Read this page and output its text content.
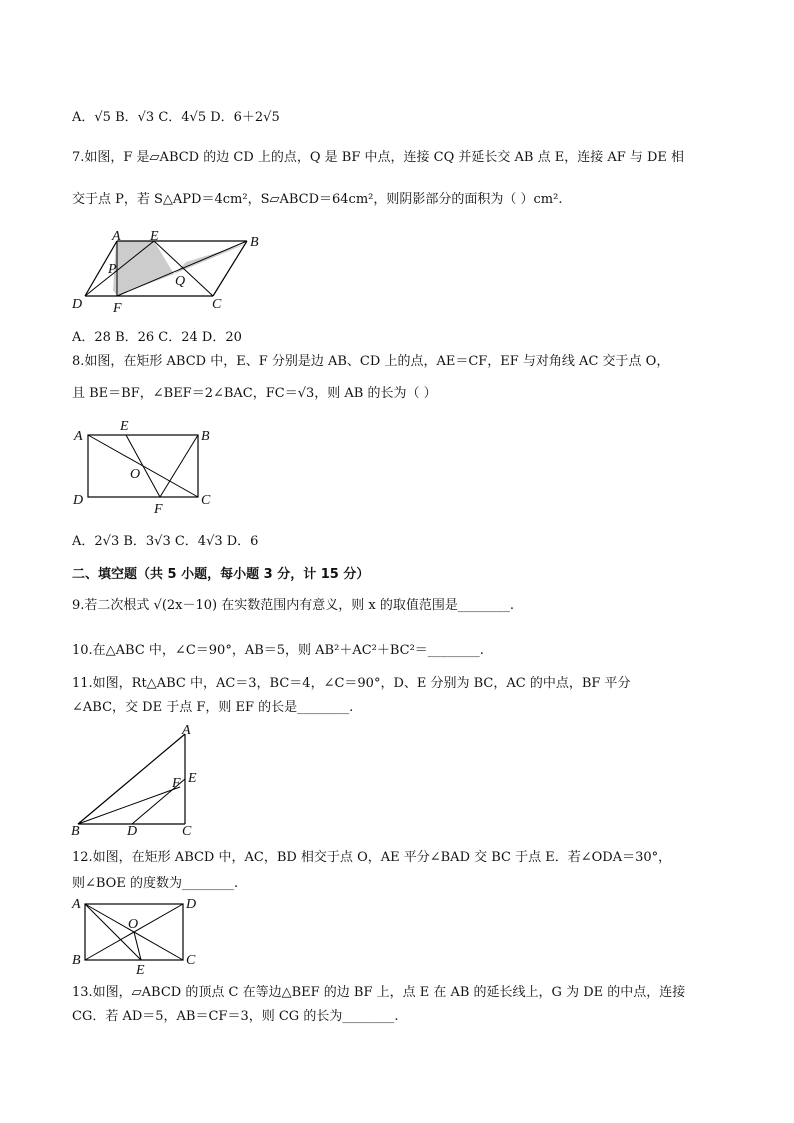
A．√5 B．√3 C．4√5 D．6＋2√5
7.如图，F 是▱ABCD 的边 CD 上的点，Q 是 BF 中点，连接 CQ 并延长交 AB 点 E，连接 AF 与 DE 相
交于点 P，若 S△APD＝4cm²，S▱ABCD＝64cm²，则阴影部分的面积为（ ）cm².
A E	B
P
Q
D F	C
A．28 B．26 C．24 D．20
8.如图，在矩形 ABCD 中，E、F 分别是边 AB、CD 上的点，AE＝CF，EF 与对角线 AC 交于点 O，
且 BE＝BF，∠BEF＝2∠BAC，FC＝√3，则 AB 的长为（ ）
A
E
B
O
D
F
C
A．2√3 B．3√3 C．4√3 D．6
二、填空题（共 5 小题，每小题 3 分，计 15 分）
9.若二次根式 √(2x－10) 在实数范围内有意义，则 x 的取值范围是________.
10.在△ABC 中，∠C＝90°，AB＝5，则 AB²＋AC²＋BC²＝________.
11.如图，Rt△ABC 中，AC＝3，BC＝4，∠C＝90°，D、E 分别为 BC，AC 的中点，BF 平分
∠ABC，交 DE 于点 F，则 EF 的长是________.
A
F E
B	D	C
12.如图，在矩形 ABCD 中，AC，BD 相交于点 O，AE 平分∠BAD 交 BC 于点 E．若∠ODA＝30°，
则∠BOE 的度数为________.
A	D
O
B
E
C
13.如图，▱ABCD 的顶点 C 在等边△BEF 的边 BF 上，点 E 在 AB 的延长线上，G 为 DE 的中点，连接
CG．若 AD＝5，AB＝CF＝3，则 CG 的长为________.
